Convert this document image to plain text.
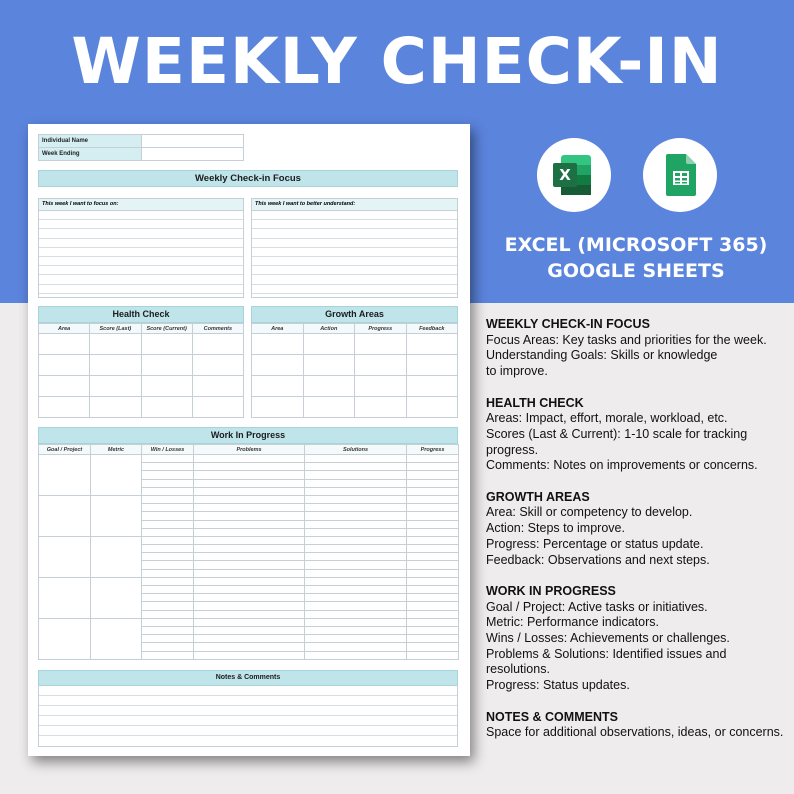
WEEKLY CHECK-IN
Individual Name	
Week Ending	
Weekly Check-in Focus
This week I want to focus on:	This week I want to better understand:
Health Check
Area	Score (Last)	Score (Current)	Comments

Growth Areas
Area	Action	Progress	Feedback

Work In Progress
Goal / Project	Metric	Win / Losses	Problems	Solutions	Progress

Notes & Comments
X
EXCEL (MICROSOFT 365)
GOOGLE SHEETS
WEEKLY CHECK-IN FOCUS
Focus Areas: Key tasks and priorities for the week.
Understanding Goals: Skills or knowledge
to improve.
HEALTH CHECK
Areas: Impact, effort, morale, workload, etc.
Scores (Last & Current): 1-10 scale for tracking
progress.
Comments: Notes on improvements or concerns.
GROWTH AREAS
Area: Skill or competency to develop.
Action: Steps to improve.
Progress: Percentage or status update.
Feedback: Observations and next steps.
WORK IN PROGRESS
Goal / Project: Active tasks or initiatives.
Metric: Performance indicators.
Wins / Losses: Achievements or challenges.
Problems & Solutions: Identified issues and
resolutions.
Progress: Status updates.
NOTES & COMMENTS
Space for additional observations, ideas, or concerns.
